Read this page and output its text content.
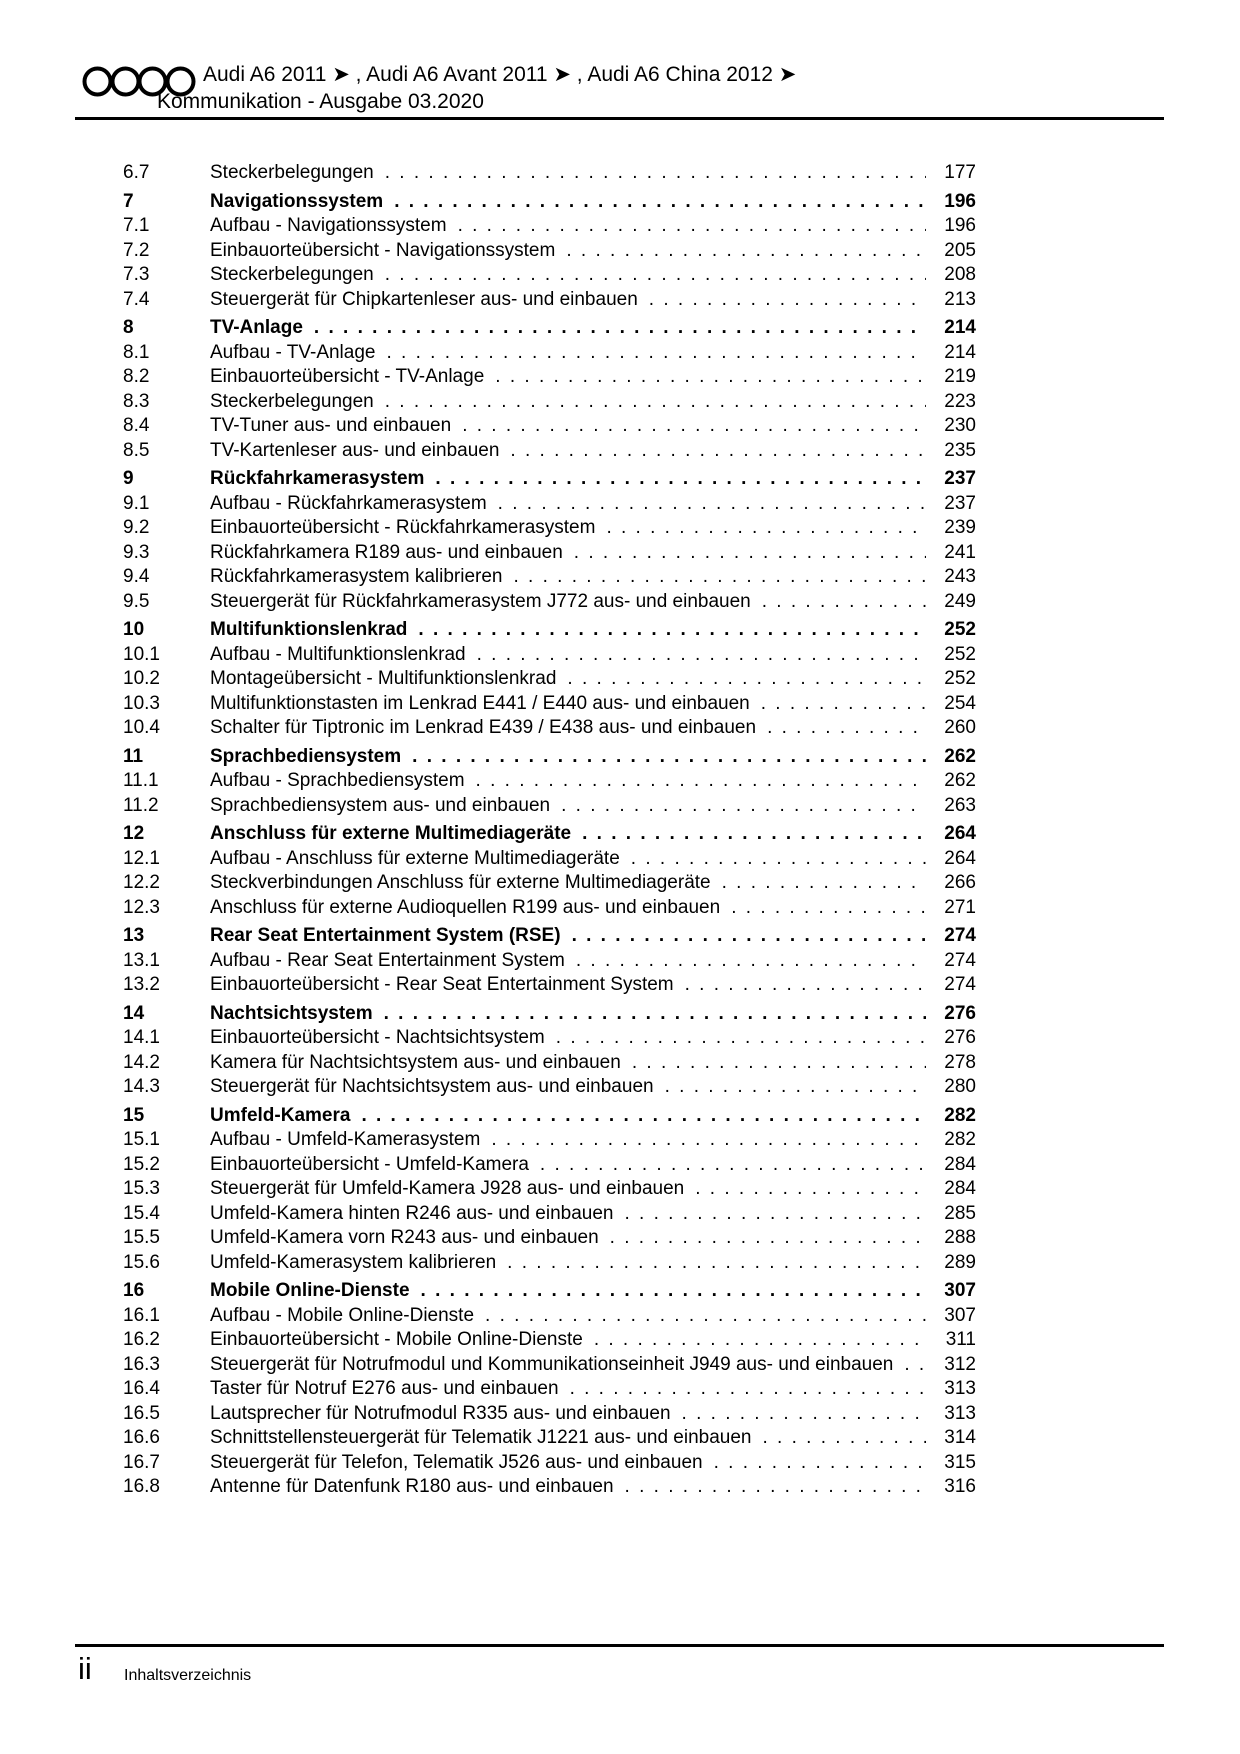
Audi A6 2011 ➤ , Audi A6 Avant 2011 ➤ , Audi A6 China 2012 ➤
Kommunikation - Ausgabe 03.2020
6.7	Steckerbelegungen . . .	177
7	Navigationssystem . . .	196
7.1	Aufbau - Navigationssystem . . .	196
7.2	Einbauorteübersicht - Navigationssystem . . .	205
7.3	Steckerbelegungen . . .	208
7.4	Steuergerät für Chipkartenleser aus- und einbauen . . .	213
8	TV-Anlage . . .	214
8.1	Aufbau - TV-Anlage . . .	214
8.2	Einbauorteübersicht - TV-Anlage . . .	219
8.3	Steckerbelegungen . . .	223
8.4	TV-Tuner aus- und einbauen . . .	230
8.5	TV-Kartenleser aus- und einbauen . . .	235
9	Rückfahrkamerasystem . . .	237
9.1	Aufbau - Rückfahrkamerasystem . . .	237
9.2	Einbauorteübersicht - Rückfahrkamerasystem . . .	239
9.3	Rückfahrkamera R189 aus- und einbauen . . .	241
9.4	Rückfahrkamerasystem kalibrieren . . .	243
9.5	Steuergerät für Rückfahrkamerasystem J772 aus- und einbauen . . .	249
10	Multifunktionslenkrad . . .	252
10.1	Aufbau - Multifunktionslenkrad . . .	252
10.2	Montageübersicht - Multifunktionslenkrad . . .	252
10.3	Multifunktionstasten im Lenkrad E441 / E440 aus- und einbauen . . .	254
10.4	Schalter für Tiptronic im Lenkrad E439 / E438 aus- und einbauen . . .	260
11	Sprachbediensystem . . .	262
11.1	Aufbau - Sprachbediensystem . . .	262
11.2	Sprachbediensystem aus- und einbauen . . .	263
12	Anschluss für externe Multimediageräte . . .	264
12.1	Aufbau - Anschluss für externe Multimediageräte . . .	264
12.2	Steckverbindungen Anschluss für externe Multimediageräte . . .	266
12.3	Anschluss für externe Audioquellen R199 aus- und einbauen . . .	271
13	Rear Seat Entertainment System (RSE) . . .	274
13.1	Aufbau - Rear Seat Entertainment System . . .	274
13.2	Einbauorteübersicht - Rear Seat Entertainment System . . .	274
14	Nachtsichtsystem . . .	276
14.1	Einbauorteübersicht - Nachtsichtsystem . . .	276
14.2	Kamera für Nachtsichtsystem aus- und einbauen . . .	278
14.3	Steuergerät für Nachtsichtsystem aus- und einbauen . . .	280
15	Umfeld-Kamera . . .	282
15.1	Aufbau - Umfeld-Kamerasystem . . .	282
15.2	Einbauorteübersicht - Umfeld-Kamera . . .	284
15.3	Steuergerät für Umfeld-Kamera J928 aus- und einbauen . . .	284
15.4	Umfeld-Kamera hinten R246 aus- und einbauen . . .	285
15.5	Umfeld-Kamera vorn R243 aus- und einbauen . . .	288
15.6	Umfeld-Kamerasystem kalibrieren . . .	289
16	Mobile Online-Dienste . . .	307
16.1	Aufbau - Mobile Online-Dienste . . .	307
16.2	Einbauorteübersicht - Mobile Online-Dienste . . .	311
16.3	Steuergerät für Notrufmodul und Kommunikationseinheit J949 aus- und einbauen . . .	312
16.4	Taster für Notruf E276 aus- und einbauen . . .	313
16.5	Lautsprecher für Notrufmodul R335 aus- und einbauen . . .	313
16.6	Schnittstellensteuergerät für Telematik J1221 aus- und einbauen . . .	314
16.7	Steuergerät für Telefon, Telematik J526 aus- und einbauen . . .	315
16.8	Antenne für Datenfunk R180 aus- und einbauen . . .	316
ii Inhaltsverzeichnis
